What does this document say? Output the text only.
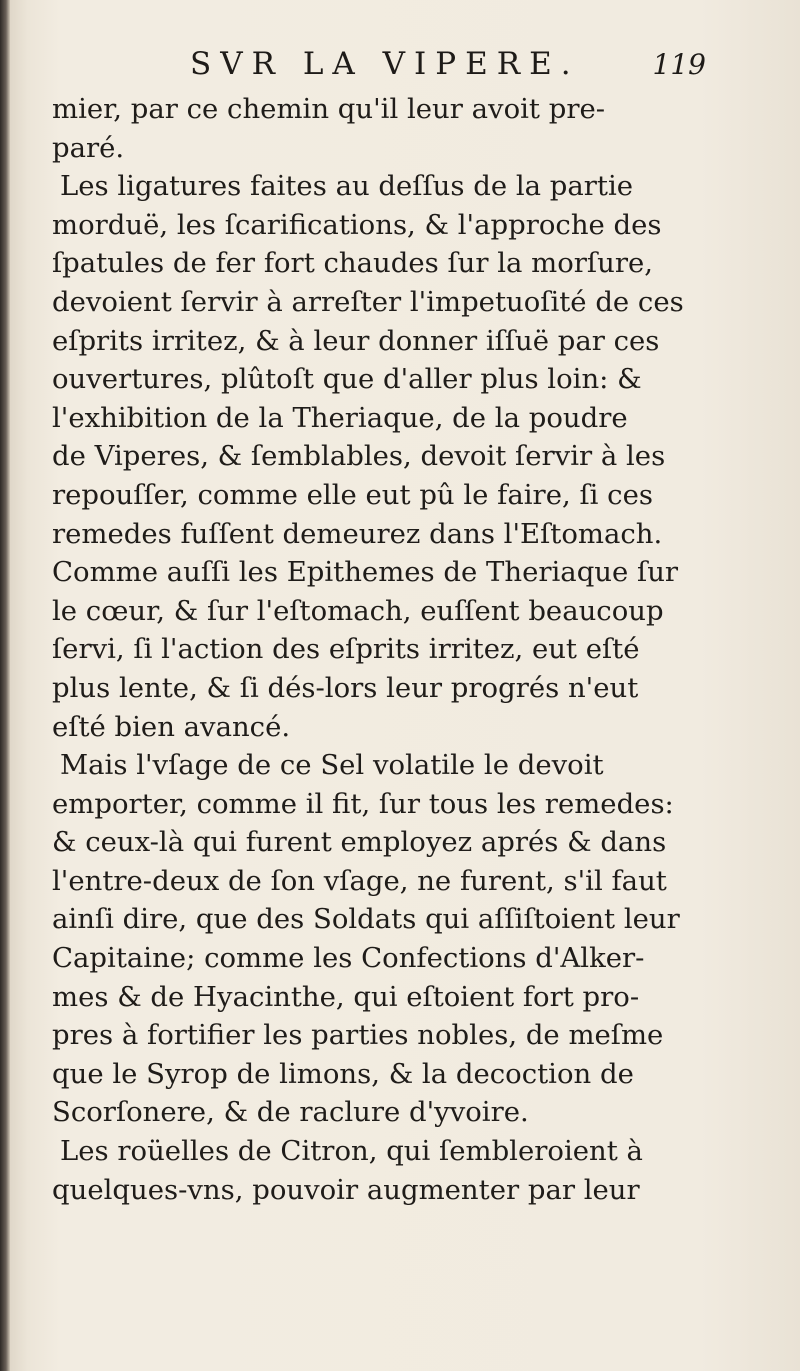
SVR LA VIPERE.	119
mier, par ce chemin qu'il leur avoit pre-
paré.
Les ligatures faites au deſſus de la partie
morduë, les ſcarifications, & l'approche des
ſpatules de fer fort chaudes ſur la morſure,
devoient ſervir à arreſter l'impetuoſité de ces
eſprits irritez, & à leur donner iſſuë par ces
ouvertures, plûtoſt que d'aller plus loin: &
l'exhibition de la Theriaque, de la poudre
de Viperes, & ſemblables, devoit ſervir à les
repouſſer, comme elle eut pû le faire, ſi ces
remedes fuſſent demeurez dans l'Eſtomach.
Comme auſſi les Epithemes de Theriaque ſur
le cœur, & ſur l'eſtomach, euſſent beaucoup
ſervi, ſi l'action des eſprits irritez, eut eſté
plus lente, & ſi dés-lors leur progrés n'eut
eſté bien avancé.
Mais l'vſage de ce Sel volatile le devoit
emporter, comme il fit, ſur tous les remedes:
& ceux-là qui furent employez aprés & dans
l'entre-deux de ſon vſage, ne furent, s'il faut
ainſi dire, que des Soldats qui aſſiſtoient leur
Capitaine; comme les Confections d'Alker-
mes & de Hyacinthe, qui eſtoient fort pro-
pres à fortifier les parties nobles, de meſme
que le Syrop de limons, & la decoction de
Scorſonere, & de raclure d'yvoire.
Les roüelles de Citron, qui ſembleroient à
quelques-vns, pouvoir augmenter par leur
